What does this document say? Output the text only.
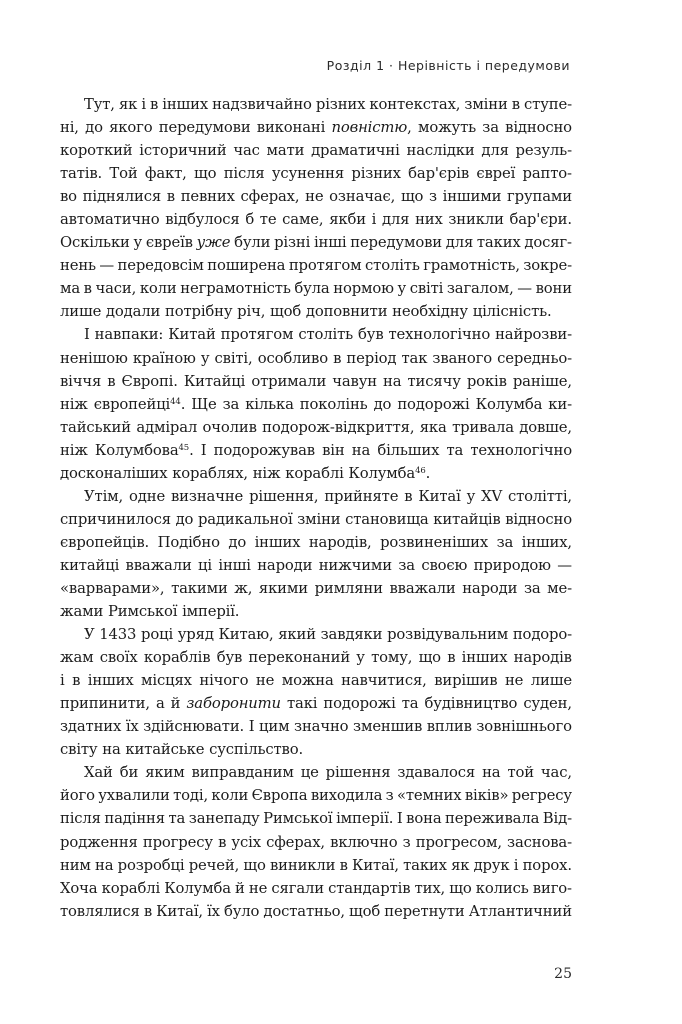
Розділ 1 · Нерівність і передумови
Тут, як і в інших надзвичайно різних контекстах, зміни в ступе-
ні, до якого передумови виконані повністю, можуть за відносно
короткий історичний час мати драматичні наслідки для резуль-
татів. Той факт, що після усунення різних бар'єрів євреї рапто-
во піднялися в певних сферах, не означає, що з іншими групами
автоматично відбулося б те саме, якби і для них зникли бар'єри.
Оскільки у євреїв уже були різні інші передумови для таких досяг-
нень — передовсім поширена протягом століть грамотність, зокре-
ма в часи, коли неграмотність була нормою у світі загалом, — вони
лише додали потрібну річ, щоб доповнити необхідну цілісність.
І навпаки: Китай протягом століть був технологічно найрозви-
ненішою країною у світі, особливо в період так званого середньо-
віччя в Європі. Китайці отримали чавун на тисячу років раніше,
ніж європейці$^{44}$. Ще за кілька поколінь до подорожі Колумба ки-
тайський адмірал очолив подорож-відкриття, яка тривала довше,
ніж Колумбова$^{45}$. І подорожував він на більших та технологічно
досконаліших кораблях, ніж кораблі Колумба$^{46}$.
Утім, одне визначне рішення, прийняте в Китаї у XV столітті,
спричинилося до радикальної зміни становища китайців відносно
європейців. Подібно до інших народів, розвиненіших за інших,
китайці вважали ці інші народи нижчими за своєю природою —
«варварами», такими ж, якими римляни вважали народи за ме-
жами Римської імперії.
У 1433 році уряд Китаю, який завдяки розвідувальним подоро-
жам своїх кораблів був переконаний у тому, що в інших народів
і в інших місцях нічого не можна навчитися, вирішив не лише
припинити, а й заборонити такі подорожі та будівництво суден,
здатних їх здійснювати. І цим значно зменшив вплив зовнішнього
світу на китайське суспільство.
Хай би яким виправданим це рішення здавалося на той час,
його ухвалили тоді, коли Європа виходила з «темних віків» регресу
після падіння та занепаду Римської імперії. І вона переживала Від-
родження прогресу в усіх сферах, включно з прогресом, заснова-
ним на розробці речей, що виникли в Китаї, таких як друк і порох.
Хоча кораблі Колумба й не сягали стандартів тих, що колись виго-
товлялися в Китаї, їх було достатньо, щоб перетнути Атлантичний
25
